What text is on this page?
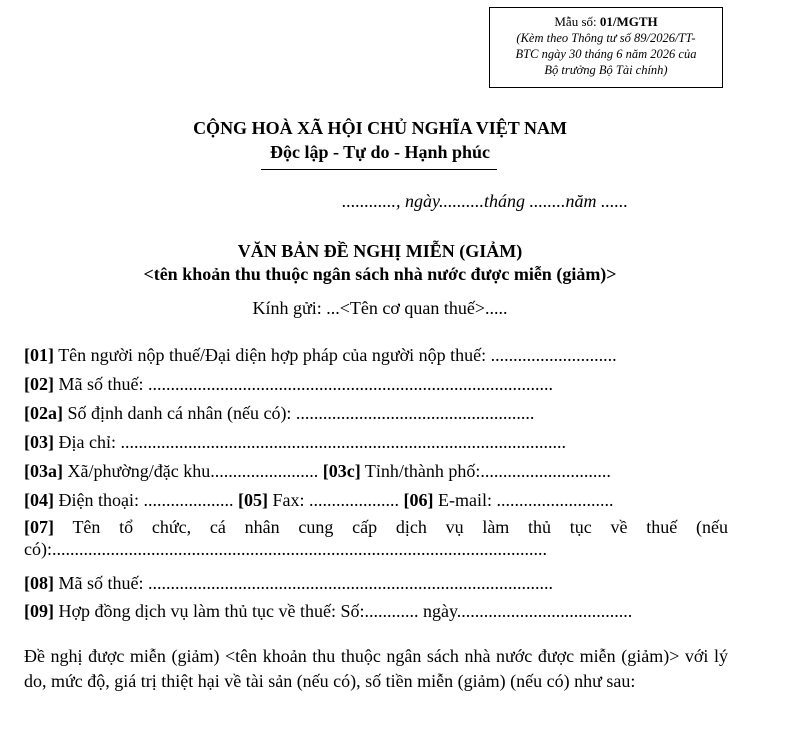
Mẫu số: 01/MGTH
(Kèm theo Thông tư số 89/2026/TT-
BTC ngày 30 tháng 6 năm 2026 của
Bộ trưởng Bộ Tài chính)
CỘNG HOÀ XÃ HỘI CHỦ NGHĨA VIỆT NAM
Độc lập - Tự do - Hạnh phúc
............, ngày..........tháng ........năm ......
VĂN BẢN ĐỀ NGHỊ MIỄN (GIẢM)
<tên khoản thu thuộc ngân sách nhà nước được miễn (giảm)>
Kính gửi: ...<Tên cơ quan thuế>.....
[01] Tên người nộp thuế/Đại diện hợp pháp của người nộp thuế: ............................
[02] Mã số thuế: ..........................................................................................
[02a] Số định danh cá nhân (nếu có): .....................................................
[03] Địa chỉ: ...................................................................................................
[03a] Xã/phường/đặc khu........................ [03c] Tỉnh/thành phố:.............................
[04] Điện thoại: .................... [05] Fax: .................... [06] E-mail: ..........................
[07] Tên tổ chức, cá nhân cung cấp dịch vụ làm thủ tục về thuế (nếu có):..............................................................................................................
[08] Mã số thuế: ..........................................................................................
[09] Hợp đồng dịch vụ làm thủ tục về thuế: Số:............ ngày.......................................
Đề nghị được miễn (giảm) <tên khoản thu thuộc ngân sách nhà nước được miễn (giảm)> với lý do, mức độ, giá trị thiệt hại về tài sản (nếu có), số tiền miễn (giảm) (nếu có) như sau:
